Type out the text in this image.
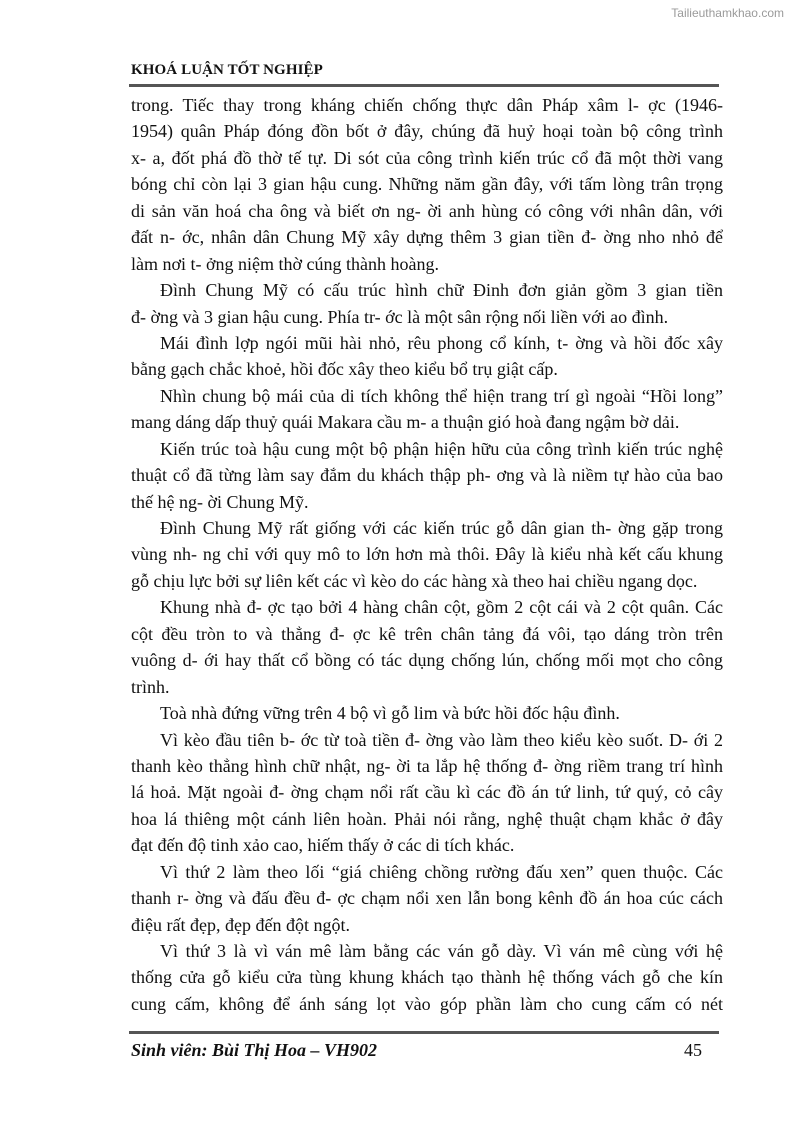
Tailieuthamkhao.com
KHOÁ LUẬN TỐT NGHIỆP
trong. Tiếc thay trong kháng chiến chống thực dân Pháp xâm l- ợc (1946-
1954) quân Pháp đóng đồn bốt ở đây, chúng đã huỷ hoại toàn bộ công trình
x- a, đốt phá đồ thờ tế tự. Di sót của công trình kiến trúc cổ đã một thời vang
bóng chỉ còn lại 3 gian hậu cung. Những năm gần đây, với tấm lòng trân trọng
di sản văn hoá cha ông và biết ơn ng- ời anh hùng có công với nhân dân, với
đất n- ớc, nhân dân Chung Mỹ xây dựng thêm 3 gian tiền đ- ờng nho nhỏ để
làm nơi t- ởng niệm thờ cúng thành hoàng.
Đình Chung Mỹ có cấu trúc hình chữ Đinh đơn giản gồm 3 gian tiền
đ- ờng và 3 gian hậu cung. Phía tr- ớc là một sân rộng nối liền với ao đình.
Mái đình lợp ngói mũi hài nhỏ, rêu phong cổ kính, t- ờng và hồi đốc xây
bằng gạch chắc khoẻ, hồi đốc xây theo kiểu bổ trụ giật cấp.
Nhìn chung bộ mái của di tích không thể hiện trang trí gì ngoài “Hồi long”
mang dáng dấp thuỷ quái Makara cầu m- a thuận gió hoà đang ngậm bờ dải.
Kiến trúc toà hậu cung một bộ phận hiện hữu của công trình kiến trúc nghệ
thuật cổ đã từng làm say đắm du khách thập ph- ơng và là niềm tự hào của bao
thế hệ ng- ời Chung Mỹ.
Đình Chung Mỹ rất giống với các kiến trúc gỗ dân gian th- ờng gặp trong
vùng nh- ng chỉ với quy mô to lớn hơn mà thôi. Đây là kiểu nhà kết cấu khung
gỗ chịu lực bởi sự liên kết các vì kèo do các hàng xà theo hai chiều ngang dọc.
Khung nhà đ- ợc tạo bởi 4 hàng chân cột, gồm 2 cột cái và 2 cột quân. Các
cột đều tròn to và thẳng đ- ợc kê trên chân tảng đá vôi, tạo dáng tròn trên
vuông d- ới hay thất cổ bồng có tác dụng chống lún, chống mối mọt cho công
trình.
Toà nhà đứng vững trên 4 bộ vì gỗ lim và bức hồi đốc hậu đình.
Vì kèo đầu tiên b- ớc từ toà tiền đ- ờng vào làm theo kiểu kèo suốt. D- ới 2
thanh kèo thẳng hình chữ nhật, ng- ời ta lắp hệ thống đ- ờng riềm trang trí hình
lá hoả. Mặt ngoài đ- ờng chạm nổi rất cầu kì các đồ án tứ linh, tứ quý, cỏ cây
hoa lá thiêng một cánh liên hoàn. Phải nói rằng, nghệ thuật chạm khắc ở đây
đạt đến độ tinh xảo cao, hiếm thấy ở các di tích khác.
Vì thứ 2 làm theo lối “giá chiêng chồng rường đấu xen” quen thuộc. Các
thanh r- ờng và đấu đều đ- ợc chạm nổi xen lẫn bong kênh đồ án hoa cúc cách
điệu rất đẹp, đẹp đến đột ngột.
Vì thứ 3 là vì ván mê làm bằng các ván gỗ dày. Vì ván mê cùng với hệ
thống cửa gỗ kiểu cửa tùng khung khách tạo thành hệ thống vách gỗ che kín
cung cấm, không để ánh sáng lọt vào góp phần làm cho cung cấm có nét
Sinh viên: Bùi Thị Hoa – VH902	45
